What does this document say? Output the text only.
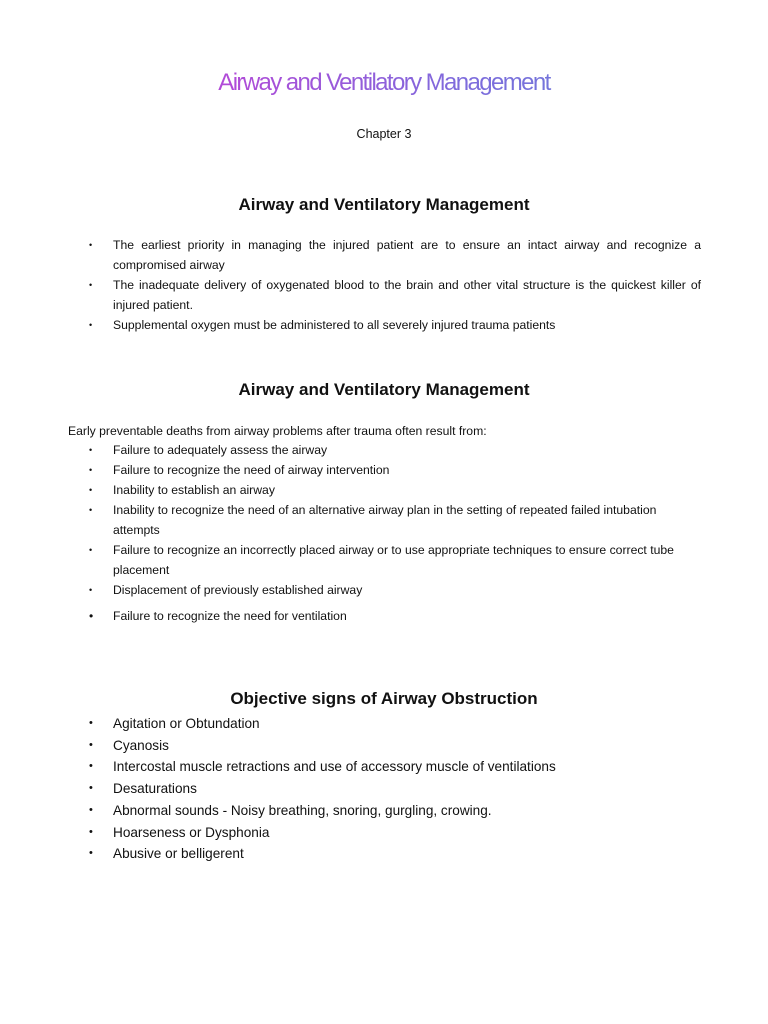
Airway and Ventilatory Management
Chapter 3
Airway and Ventilatory Management
• The earliest priority in managing the injured patient are to ensure an intact airway and recognize a compromised airway
• The inadequate delivery of oxygenated blood to the brain and other vital structure is the quickest killer of injured patient.
• Supplemental oxygen must be administered to all severely injured trauma patients
Airway and Ventilatory Management
Early preventable deaths from airway problems after trauma often result from:
• Failure to adequately assess the airway
• Failure to recognize the need of airway intervention
• Inability to establish an airway
• Inability to recognize the need of an alternative airway plan in the setting of repeated failed intubation attempts
• Failure to recognize an incorrectly placed airway or to use appropriate techniques to ensure correct tube placement
• Displacement of previously established airway
• Failure to recognize the need for ventilation
Objective signs of Airway Obstruction
• Agitation or Obtundation
• Cyanosis
• Intercostal muscle retractions and use of accessory muscle of ventilations
• Desaturations
• Abnormal sounds - Noisy breathing, snoring, gurgling, crowing.
• Hoarseness or Dysphonia
• Abusive or belligerent
